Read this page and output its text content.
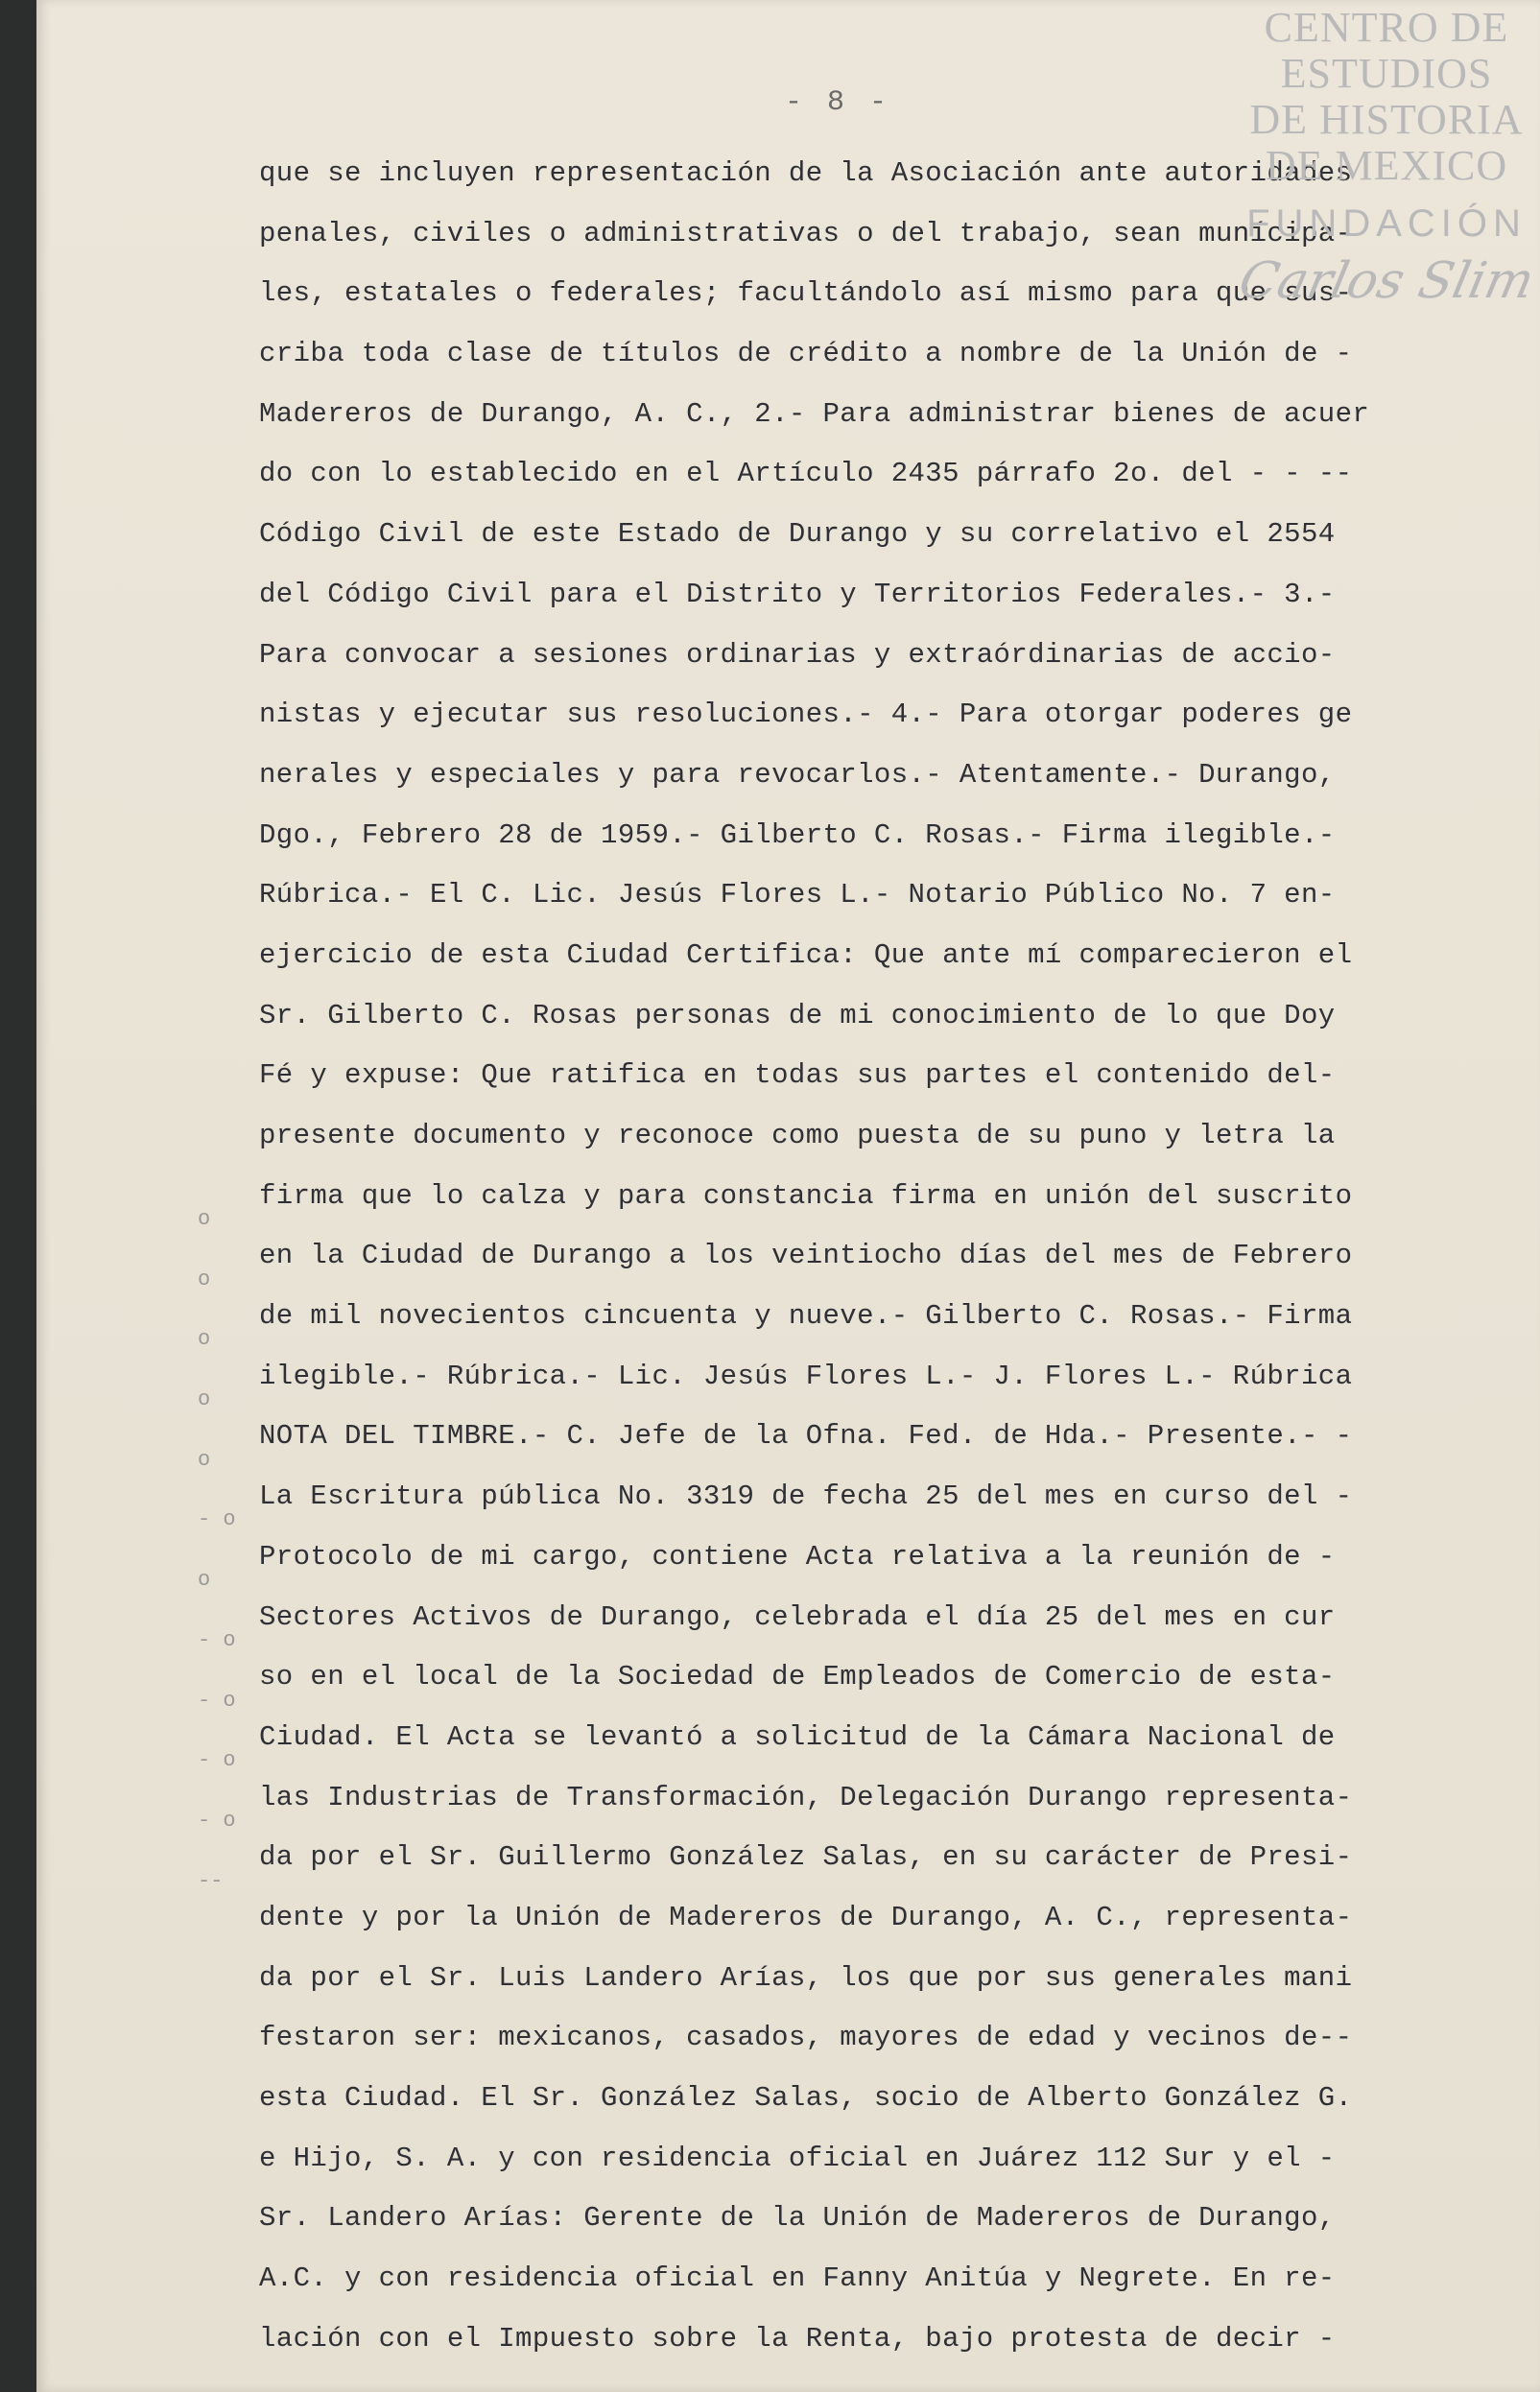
- 8 -
que se incluyen representación de la Asociación ante autoridades
penales, civiles o administrativas o del trabajo, sean munícipa-
les, estatales o federales; facultándolo así mismo para que sus-
criba toda clase de títulos de crédito a nombre de la Unión de -
Madereros de Durango, A. C., 2.- Para administrar bienes de acuer
do con lo establecido en el Artículo 2435 párrafo 2o. del - - --
Código Civil de este Estado de Durango y su correlativo el 2554
del Código Civil para el Distrito y Territorios Federales.- 3.-
Para convocar a sesiones ordinarias y extraórdinarias de accio-
nistas y ejecutar sus resoluciones.- 4.- Para otorgar poderes ge
nerales y especiales y para revocarlos.- Atentamente.- Durango,
Dgo., Febrero 28 de 1959.- Gilberto C. Rosas.- Firma ilegible.-
Rúbrica.- El C. Lic. Jesús Flores L.- Notario Público No. 7 en-
ejercicio de esta Ciudad Certifica: Que ante mí comparecieron el
Sr. Gilberto C. Rosas personas de mi conocimiento de lo que Doy
Fé y expuse: Que ratifica en todas sus partes el contenido del-
presente documento y reconoce como puesta de su puno y letra la
firma que lo calza y para constancia firma en unión del suscrito
en la Ciudad de Durango a los veintiocho días del mes de Febrero
de mil novecientos cincuenta y nueve.- Gilberto C. Rosas.- Firma
ilegible.- Rúbrica.- Lic. Jesús Flores L.- J. Flores L.- Rúbrica
NOTA DEL TIMBRE.- C. Jefe de la Ofna. Fed. de Hda.- Presente.- -
La Escritura pública No. 3319 de fecha 25 del mes en curso del -
Protocolo de mi cargo, contiene Acta relativa a la reunión de -
Sectores Activos de Durango, celebrada el día 25 del mes en cur
so en el local de la Sociedad de Empleados de Comercio de esta-
Ciudad. El Acta se levantó a solicitud de la Cámara Nacional de
las Industrias de Transformación, Delegación Durango representa-
da por el Sr. Guillermo González Salas, en su carácter de Presi-
dente y por la Unión de Madereros de Durango, A. C., representa-
da por el Sr. Luis Landero Arías, los que por sus generales mani
festaron ser: mexicanos, casados, mayores de edad y vecinos de--
esta Ciudad. El Sr. González Salas, socio de Alberto González G.
e Hijo, S. A. y con residencia oficial en Juárez 112 Sur y el -
Sr. Landero Arías: Gerente de la Unión de Madereros de Durango,
A.C. y con residencia oficial en Fanny Anitúa y Negrete. En re-
lación con el Impuesto sobre la Renta, bajo protesta de decir -
o
o
o
o
o
- o
o
- o
- o
- o
- o
--
CENTRO DE
ESTUDIOS
DE HISTORIA
DE MEXICO
FUNDACIÓN
Carlos Slim
